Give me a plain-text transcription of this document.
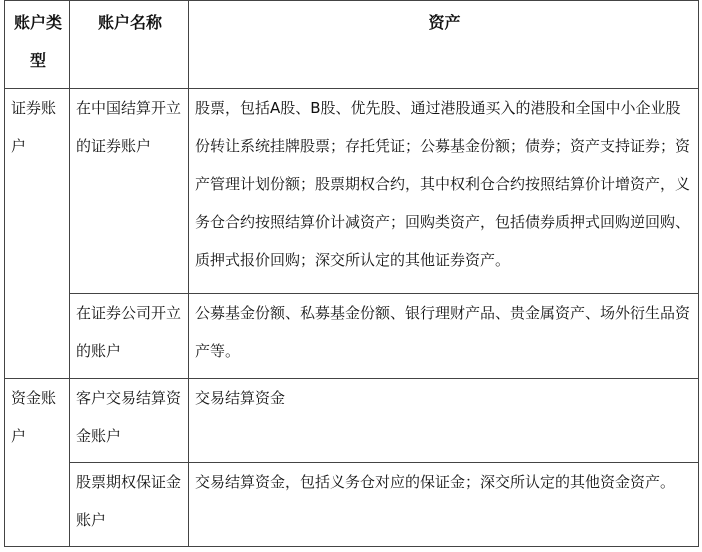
账户类型	账户名称	资产

证券账户	在中国结算开立的证券账户	股票，包括A股、B股、优先股、通过港股通买入的港股和全国中小企业股份转让系统挂牌股票；存托凭证；公募基金份额；债券；资产支持证券；资产管理计划份额；股票期权合约，其中权利仓合约按照结算价计增资产，义务仓合约按照结算价计减资产；回购类资产，包括债券质押式回购逆回购、质押式报价回购；深交所认定的其他证券资产。

	在证券公司开立的账户	公募基金份额、私募基金份额、银行理财产品、贵金属资产、场外衍生品资产等。

资金账户	客户交易结算资金账户	交易结算资金

	股票期权保证金账户	交易结算资金，包括义务仓对应的保证金；深交所认定的其他资金资产。
